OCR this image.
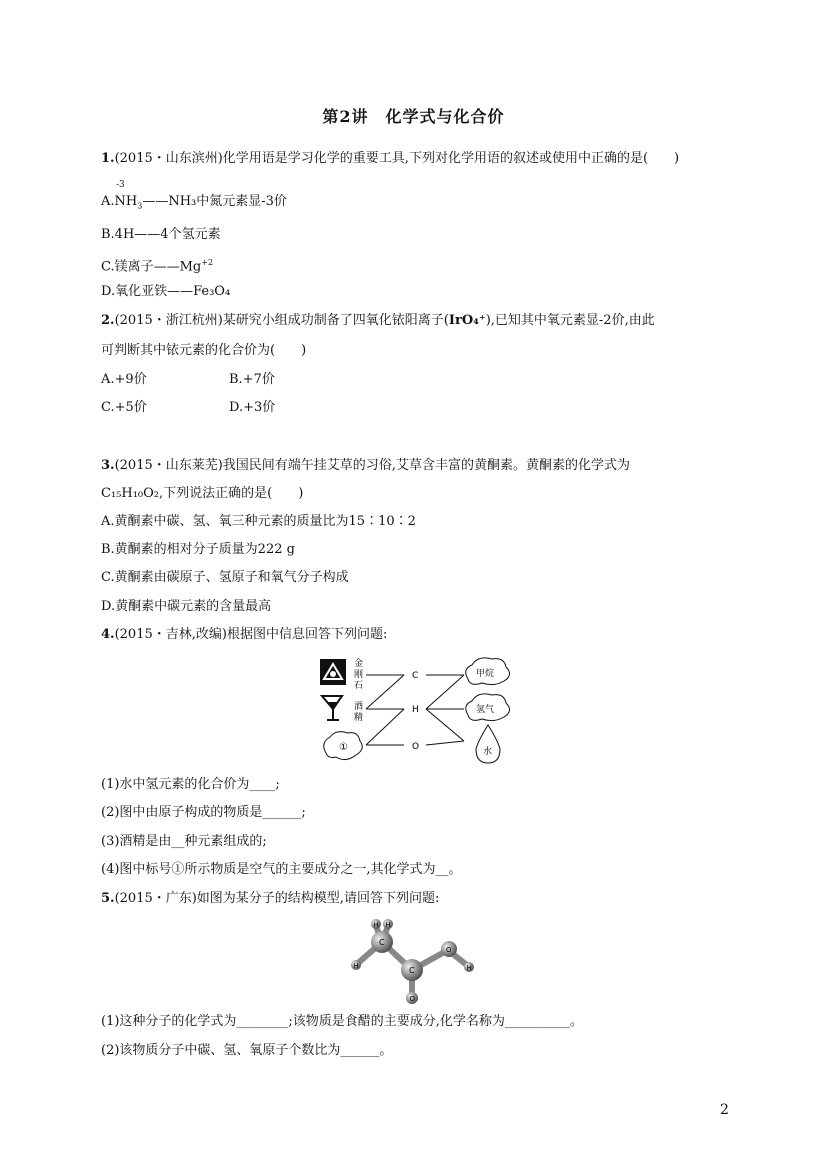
第2讲　化学式与化合价
1.(2015・山东滨州)化学用语是学习化学的重要工具,下列对化学用语的叙述或使用中正确的是(　　)
-3
$A.NH_3——NH_3$中氮元素显-3价
B.4H——4个氢元素
C.镁离子$——Mg^{+2}$
D.氧化亚铁——Fe₃O₄
2.(2015・浙江杭州)某研究小组成功制备了四氧化铱阳离子(IrO₄⁺),已知其中氧元素显-2价,由此
可判断其中铱元素的化合价为(　　)
A.+9价	B.+7价
C.+5价	D.+3价
3.(2015・山东莱芜)我国民间有端午挂艾草的习俗,艾草含丰富的黄酮素。黄酮素的化学式为
C₁₅H₁₀O₂,下列说法正确的是(　　)
A.黄酮素中碳、氢、氧三种元素的质量比为15∶10∶2
B.黄酮素的相对分子质量为222 g
C.黄酮素由碳原子、氢原子和氧气分子构成
D.黄酮素中碳元素的含量最高
4.(2015・吉林,改编)根据图中信息回答下列问题:
金
刚
石
酒
精
①
C
H
O
甲烷
氢气
水
(1)水中氢元素的化合价为____;
(2)图中由原子构成的物质是______;
(3)酒精是由__种元素组成的;
(4)图中标号①所示物质是空气的主要成分之一,其化学式为__。
5.(2015・广东)如图为某分子的结构模型,请回答下列问题:
H H
H
C
C
O
O
H
(1)这种分子的化学式为________;该物质是食醋的主要成分,化学名称为__________。
(2)该物质分子中碳、氢、氧原子个数比为______。
2
